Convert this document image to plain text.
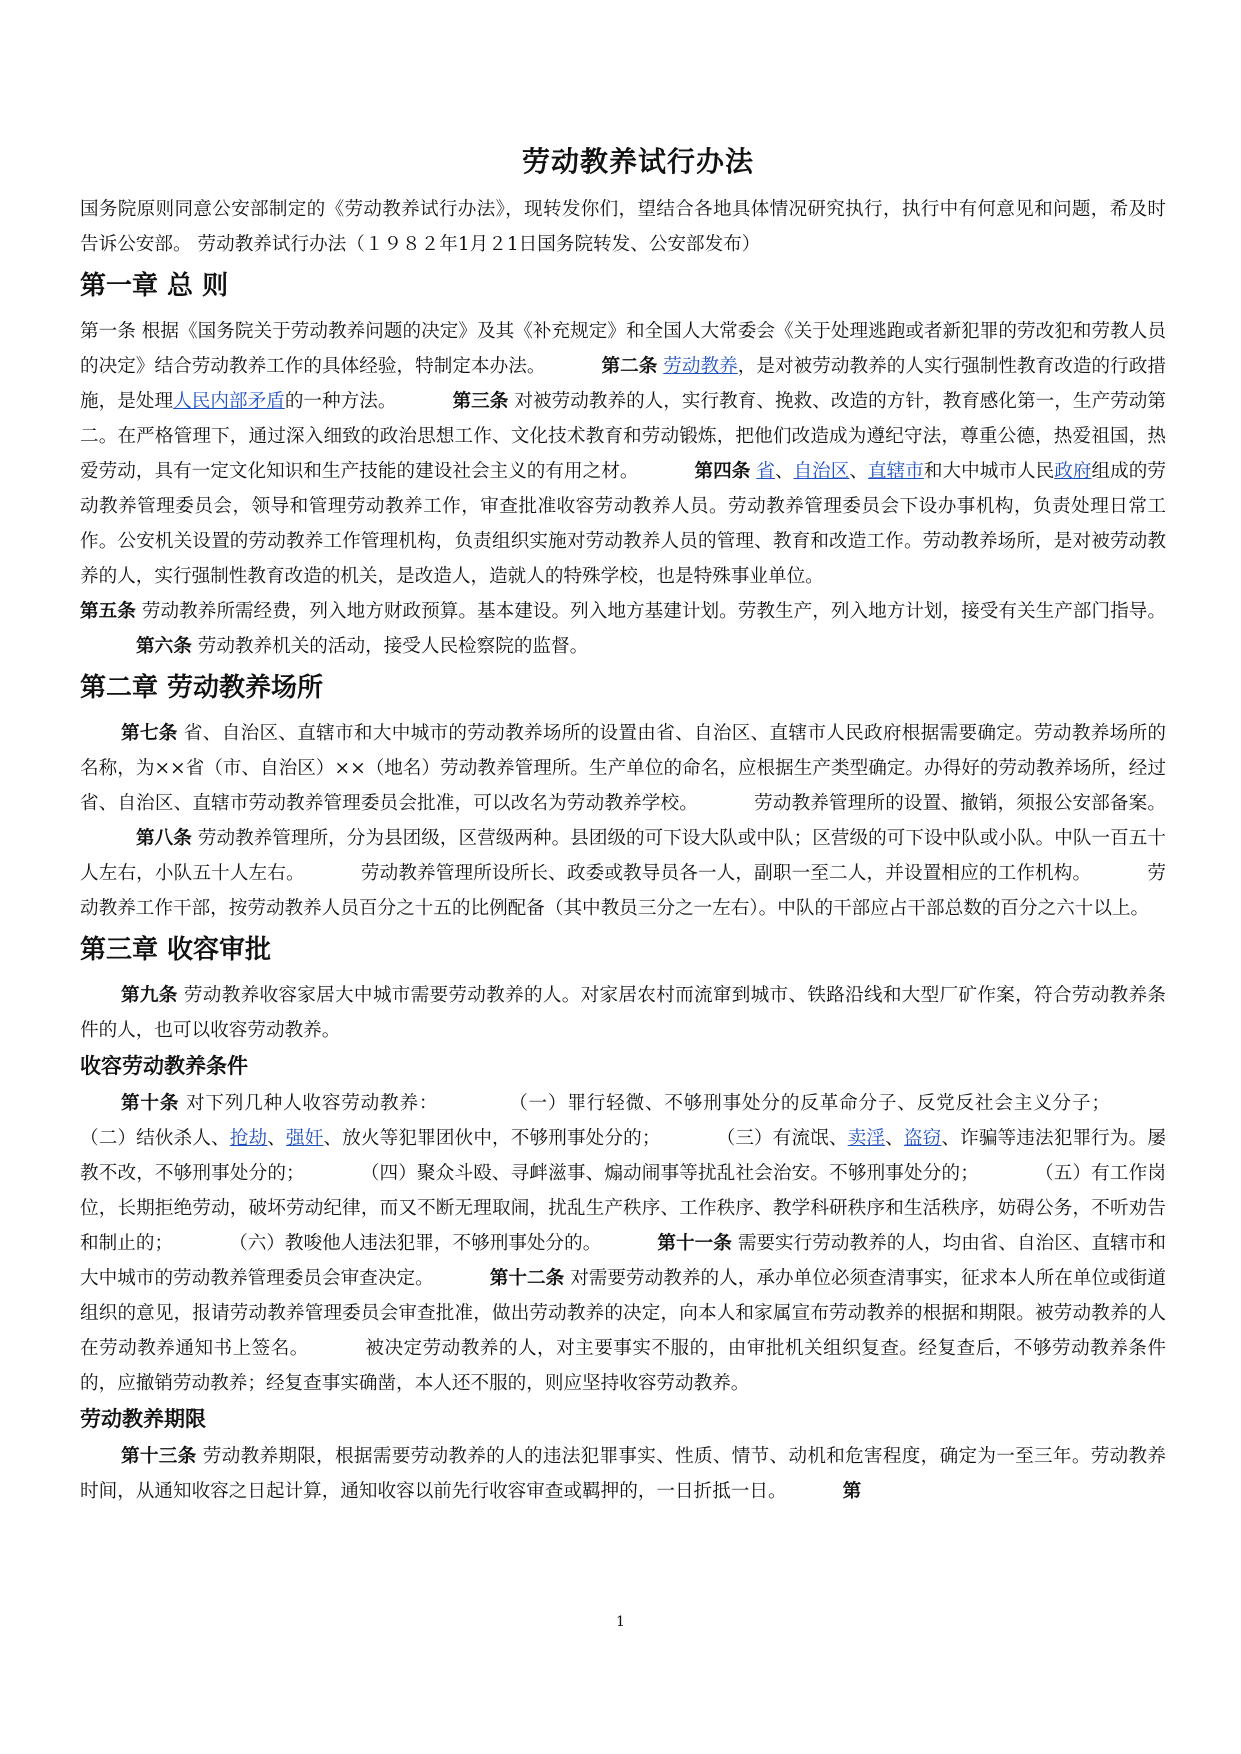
劳动教养试行办法

国务院原则同意公安部制定的《劳动教养试行办法》，现转发你们，望结合各地具体情况研究执行，执行中有何意见和问题，希及时告诉公安部。 劳动教养试行办法（１９８２年1月２1日国务院转发、公安部发布）

第一章 总 则

第一条 根据《国务院关于劳动教养问题的决定》及其《补充规定》和全国人大常委会《关于处理逃跑或者新犯罪的劳改犯和劳教人员的决定》结合劳动教养工作的具体经验，特制定本办法。	第二条 劳动教养，是对被劳动教养的人实行强制性教育改造的行政措施，是处理人民内部矛盾的一种方法。	第三条 对被劳动教养的人，实行教育、挽救、改造的方针，教育感化第一，生产劳动第二。在严格管理下，通过深入细致的政治思想工作、文化技术教育和劳动锻炼，把他们改造成为遵纪守法，尊重公德，热爱祖国，热爱劳动，具有一定文化知识和生产技能的建设社会主义的有用之材。	第四条 省、自治区、直辖市和大中城市人民政府组成的劳动教养管理委员会，领导和管理劳动教养工作，审查批准收容劳动教养人员。劳动教养管理委员会下设办事机构，负责处理日常工作。公安机关设置的劳动教养工作管理机构，负责组织实施对劳动教养人员的管理、教育和改造工作。劳动教养场所，是对被劳动教养的人，实行强制性教育改造的机关，是改造人，造就人的特殊学校，也是特殊事业单位。
第五条 劳动教养所需经费，列入地方财政预算。基本建设。列入地方基建计划。劳教生产，列入地方计划，接受有关生产部门指导。第六条 劳动教养机关的活动，接受人民检察院的监督。

第二章 劳动教养场所

第七条 省、自治区、直辖市和大中城市的劳动教养场所的设置由省、自治区、直辖市人民政府根据需要确定。劳动教养场所的名称，为××省（市、自治区）××（地名）劳动教养管理所。生产单位的命名，应根据生产类型确定。办得好的劳动教养场所，经过省、自治区、直辖市劳动教养管理委员会批准，可以改名为劳动教养学校。	劳动教养管理所的设置、撤销，须报公安部备案。第八条 劳动教养管理所，分为县团级，区营级两种。县团级的可下设大队或中队；区营级的可下设中队或小队。中队一百五十人左右，小队五十人左右。	劳动教养管理所设所长、政委或教导员各一人，副职一至二人，并设置相应的工作机构。	劳动教养工作干部，按劳动教养人员百分之十五的比例配备（其中教员三分之一左右）。中队的干部应占干部总数的百分之六十以上。

第三章 收容审批

第九条 劳动教养收容家居大中城市需要劳动教养的人。对家居农村而流窜到城市、铁路沿线和大型厂矿作案，符合劳动教养条件的人，也可以收容劳动教养。

收容劳动教养条件

第十条 对下列几种人收容劳动教养：	（一）罪行轻微、不够刑事处分的反革命分子、反党反社会主义分子；（二）结伙杀人、抢劫、强奸、放火等犯罪团伙中，不够刑事处分的；	（三）有流氓、卖淫、盗窃、诈骗等违法犯罪行为。屡教不改，不够刑事处分的；	（四）聚众斗殴、寻衅滋事、煽动闹事等扰乱社会治安。不够刑事处分的；	（五）有工作岗位，长期拒绝劳动，破坏劳动纪律，而又不断无理取闹，扰乱生产秩序、工作秩序、教学科研秩序和生活秩序，妨碍公务，不听劝告和制止的；	（六）教唆他人违法犯罪，不够刑事处分的。	第十一条 需要实行劳动教养的人，均由省、自治区、直辖市和大中城市的劳动教养管理委员会审查决定。	第十二条 对需要劳动教养的人，承办单位必须查清事实，征求本人所在单位或街道组织的意见，报请劳动教养管理委员会审查批准，做出劳动教养的决定，向本人和家属宣布劳动教养的根据和期限。被劳动教养的人在劳动教养通知书上签名。	被决定劳动教养的人，对主要事实不服的，由审批机关组织复查。经复查后，不够劳动教养条件的，应撤销劳动教养；经复查事实确凿，本人还不服的，则应坚持收容劳动教养。

劳动教养期限

第十三条 劳动教养期限，根据需要劳动教养的人的违法犯罪事实、性质、情节、动机和危害程度，确定为一至三年。劳动教养时间，从通知收容之日起计算，通知收容以前先行收容审查或羁押的，一日折抵一日。	第

1
